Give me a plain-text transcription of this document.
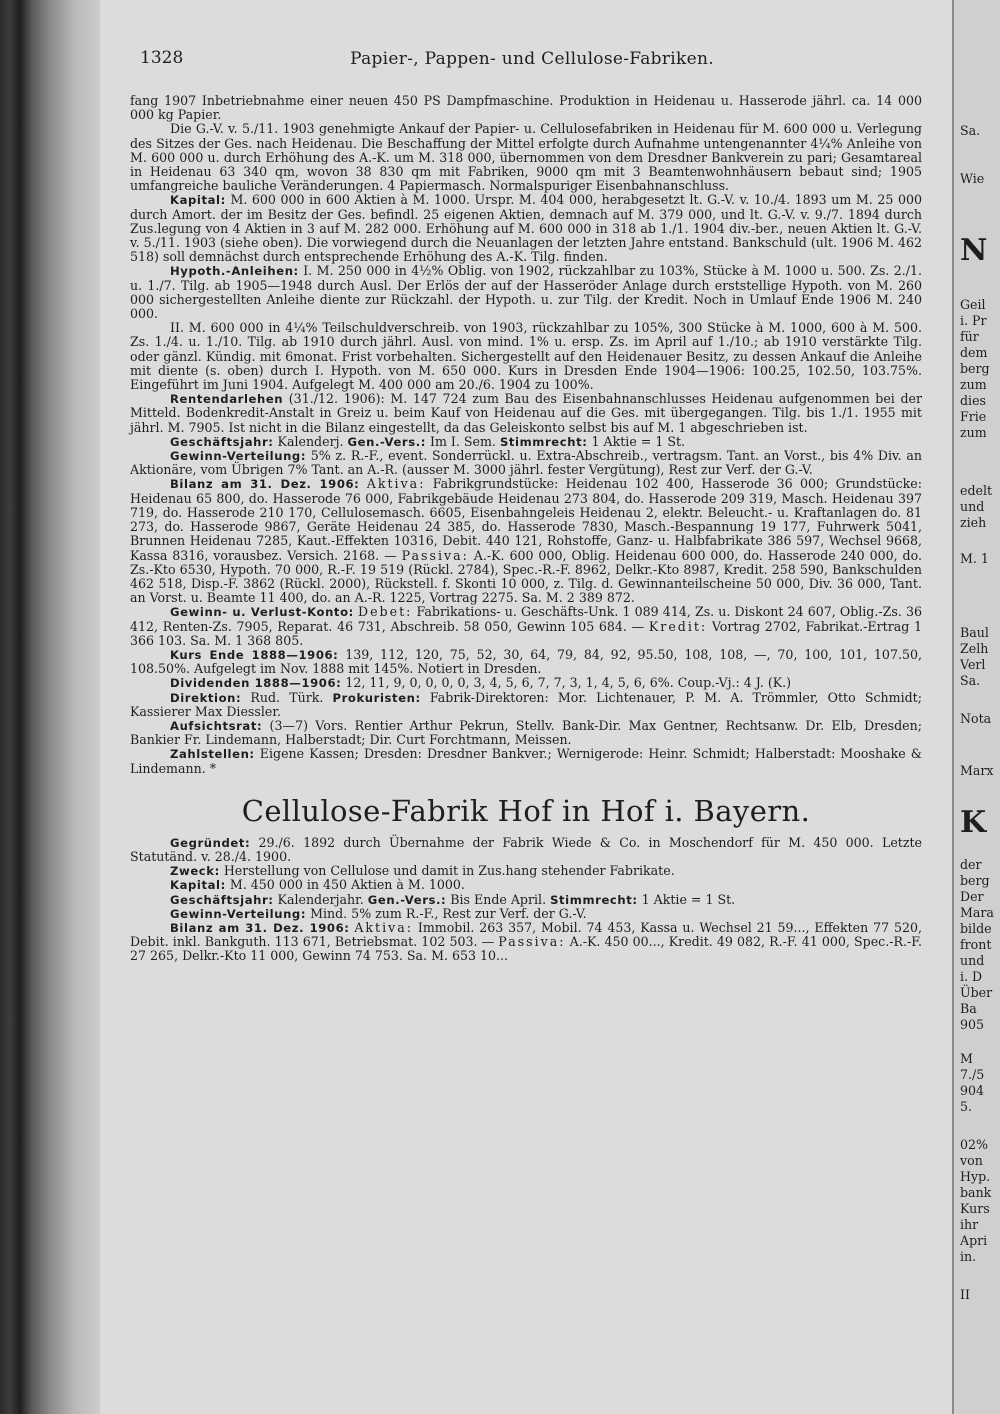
1328	Papier-, Pappen- und Cellulose-Fabriken.

fang 1907 Inbetriebnahme einer neuen 450 PS Dampfmaschine. Produktion in Heidenau u. Hasserode jährl. ca. 14 000 000 kg Papier.

Die G.-V. v. 5./11. 1903 genehmigte Ankauf der Papier- u. Cellulosefabriken in Heidenau für M. 600 000 u. Verlegung des Sitzes der Ges. nach Heidenau. Die Beschaffung der Mittel erfolgte durch Aufnahme untengenannter 4¼% Anleihe von M. 600 000 u. durch Erhöhung des A.-K. um M. 318 000, übernommen von dem Dresdner Bankverein zu pari; Gesamtareal in Heidenau 63 340 qm, wovon 38 830 qm mit Fabriken, 9000 qm mit 3 Beamtenwohnhäusern bebaut sind; 1905 umfangreiche bauliche Veränderungen. 4 Papiermasch. Normalspuriger Eisenbahnanschluss.

Kapital: M. 600 000 in 600 Aktien à M. 1000. Urspr. M. 404 000, herabgesetzt lt. G.-V. v. 10./4. 1893 um M. 25 000 durch Amort. der im Besitz der Ges. befindl. 25 eigenen Aktien, demnach auf M. 379 000, und lt. G.-V. v. 9./7. 1894 durch Zus.legung von 4 Aktien in 3 auf M. 282 000. Erhöhung auf M. 600 000 in 318 ab 1./1. 1904 div.-ber., neuen Aktien lt. G.-V. v. 5./11. 1903 (siehe oben). Die vorwiegend durch die Neuanlagen der letzten Jahre entstand. Bankschuld (ult. 1906 M. 462 518) soll demnächst durch entsprechende Erhöhung des A.-K. Tilg. finden.

Hypoth.-Anleihen: I. M. 250 000 in 4½% Oblig. von 1902, rückzahlbar zu 103%, Stücke à M. 1000 u. 500. Zs. 2./1. u. 1./7. Tilg. ab 1905—1948 durch Ausl. Der Erlös der auf der Hasseröder Anlage durch erststellige Hypoth. von M. 260 000 sichergestellten Anleihe diente zur Rückzahl. der Hypoth. u. zur Tilg. der Kredit. Noch in Umlauf Ende 1906 M. 240 000.

II. M. 600 000 in 4¼% Teilschuldverschreib. von 1903, rückzahlbar zu 105%, 300 Stücke à M. 1000, 600 à M. 500. Zs. 1./4. u. 1./10. Tilg. ab 1910 durch jährl. Ausl. von mind. 1% u. ersp. Zs. im April auf 1./10.; ab 1910 verstärkte Tilg. oder gänzl. Kündig. mit 6monat. Frist vorbehalten. Sichergestellt auf den Heidenauer Besitz, zu dessen Ankauf die Anleihe mit diente (s. oben) durch I. Hypoth. von M. 650 000. Kurs in Dresden Ende 1904—1906: 100.25, 102.50, 103.75%. Eingeführt im Juni 1904. Aufgelegt M. 400 000 am 20./6. 1904 zu 100%.

Rentendarlehen (31./12. 1906): M. 147 724 zum Bau des Eisenbahnanschlusses Heidenau aufgenommen bei der Mitteld. Bodenkredit-Anstalt in Greiz u. beim Kauf von Heidenau auf die Ges. mit übergegangen. Tilg. bis 1./1. 1955 mit jährl. M. 7905. Ist nicht in die Bilanz eingestellt, da das Geleiskonto selbst bis auf M. 1 abgeschrieben ist.

Geschäftsjahr: Kalenderj. Gen.-Vers.: Im I. Sem. Stimmrecht: 1 Aktie = 1 St.

Gewinn-Verteilung: 5% z. R.-F., event. Sonderrückl. u. Extra-Abschreib., vertragsm. Tant. an Vorst., bis 4% Div. an Aktionäre, vom Übrigen 7% Tant. an A.-R. (ausser M. 3000 jährl. fester Vergütung), Rest zur Verf. der G.-V.

Bilanz am 31. Dez. 1906: Aktiva: Fabrikgrundstücke: Heidenau 102 400, Hasserode 36 000; Grundstücke: Heidenau 65 800, do. Hasserode 76 000, Fabrikgebäude Heidenau 273 804, do. Hasserode 209 319, Masch. Heidenau 397 719, do. Hasserode 210 170, Cellulosemasch. 6605, Eisenbahngeleis Heidenau 2, elektr. Beleucht.- u. Kraftanlagen do. 81 273, do. Hasserode 9867, Geräte Heidenau 24 385, do. Hasserode 7830, Masch.-Bespannung 19 177, Fuhrwerk 5041, Brunnen Heidenau 7285, Kaut.-Effekten 10316, Debit. 440 121, Rohstoffe, Ganz- u. Halbfabrikate 386 597, Wechsel 9668, Kassa 8316, vorausbez. Versich. 2168. — Passiva: A.-K. 600 000, Oblig. Heidenau 600 000, do. Hasserode 240 000, do. Zs.-Kto 6530, Hypoth. 70 000, R.-F. 19 519 (Rückl. 2784), Spec.-R.-F. 8962, Delkr.-Kto 8987, Kredit. 258 590, Bankschulden 462 518, Disp.-F. 3862 (Rückl. 2000), Rückstell. f. Skonti 10 000, z. Tilg. d. Gewinnanteilscheine 50 000, Div. 36 000, Tant. an Vorst. u. Beamte 11 400, do. an A.-R. 1225, Vortrag 2275. Sa. M. 2 389 872.

Gewinn- u. Verlust-Konto: Debet: Fabrikations- u. Geschäfts-Unk. 1 089 414, Zs. u. Diskont 24 607, Oblig.-Zs. 36 412, Renten-Zs. 7905, Reparat. 46 731, Abschreib. 58 050, Gewinn 105 684. — Kredit: Vortrag 2702, Fabrikat.-Ertrag 1 366 103. Sa. M. 1 368 805.

Kurs Ende 1888—1906: 139, 112, 120, 75, 52, 30, 64, 79, 84, 92, 95.50, 108, 108, —, 70, 100, 101, 107.50, 108.50%. Aufgelegt im Nov. 1888 mit 145%. Notiert in Dresden.

Dividenden 1888—1906: 12, 11, 9, 0, 0, 0, 0, 3, 4, 5, 6, 7, 7, 3, 1, 4, 5, 6, 6%. Coup.-Vj.: 4 J. (K.)

Direktion: Rud. Türk. Prokuristen: Fabrik-Direktoren: Mor. Lichtenauer, P. M. A. Trömmler, Otto Schmidt; Kassierer Max Diessler.

Aufsichtsrat: (3—7) Vors. Rentier Arthur Pekrun, Stellv. Bank-Dir. Max Gentner, Rechtsanw. Dr. Elb, Dresden; Bankier Fr. Lindemann, Halberstadt; Dir. Curt Forchtmann, Meissen.

Zahlstellen: Eigene Kassen; Dresden: Dresdner Bankver.; Wernigerode: Heinr. Schmidt; Halberstadt: Mooshake & Lindemann. *

Cellulose-Fabrik Hof in Hof i. Bayern.

Gegründet: 29./6. 1892 durch Übernahme der Fabrik Wiede & Co. in Moschendorf für M. 450 000. Letzte Statutänd. v. 28./4. 1900.

Zweck: Herstellung von Cellulose und damit in Zus.hang stehender Fabrikate.

Kapital: M. 450 000 in 450 Aktien à M. 1000.

Geschäftsjahr: Kalenderjahr. Gen.-Vers.: Bis Ende April. Stimmrecht: 1 Aktie = 1 St.

Gewinn-Verteilung: Mind. 5% zum R.-F., Rest zur Verf. der G.-V.

Bilanz am 31. Dez. 1906: Aktiva: Immobil. 263 357, Mobil. 74 453, Kassa u. Wechsel 21 59..., Effekten 77 520, Debit. inkl. Bankguth. 113 671, Betriebsmat. 102 503. — Passiva: A.-K. 450 00..., Kredit. 49 082, R.-F. 41 000, Spec.-R.-F. 27 265, Delkr.-Kto 11 000, Gewinn 74 753. Sa. M. 653 10...

Sa.
Wie
N
Geil
i. Pr
für
dem
berg
zum
dies
Frie
zum
edelt
und
zieh
M. 1
Baul
Zelh
Verl
Sa.
Nota
Marx
K
der
berg
Der
Mara
bilde
front
und
i. D
Über
Ba
905
M
7./5
904
5.
02%
von
Hyp.
bank
Kurs
ihr
Apri
in.
II
